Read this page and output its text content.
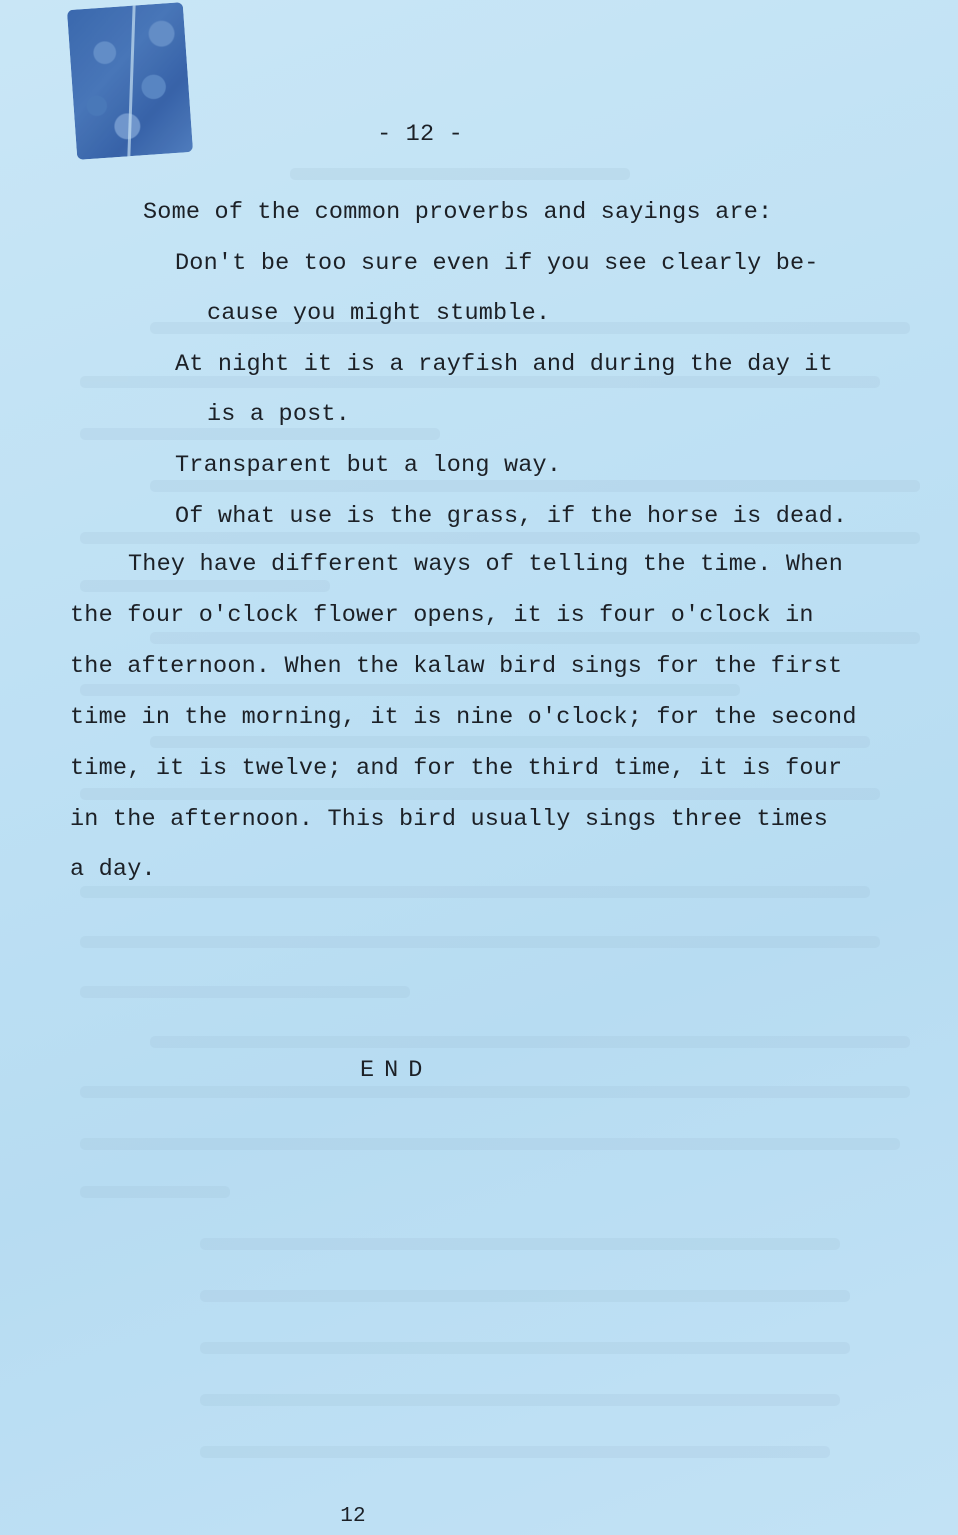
- 12 -
Some of the common proverbs and sayings are:
Don't be too sure even if you see clearly be-
cause you might stumble.
At night it is a rayfish and during the day it
is a post.
Transparent but a long way.
Of what use is the grass, if the horse is dead.
They have different ways of telling the time. When
the four o'clock flower opens, it is four o'clock in
the afternoon. When the kalaw bird sings for the first
time in the morning, it is nine o'clock; for the second
time, it is twelve; and for the third time, it is four
in the afternoon. This bird usually sings three times
a day.
END
12
